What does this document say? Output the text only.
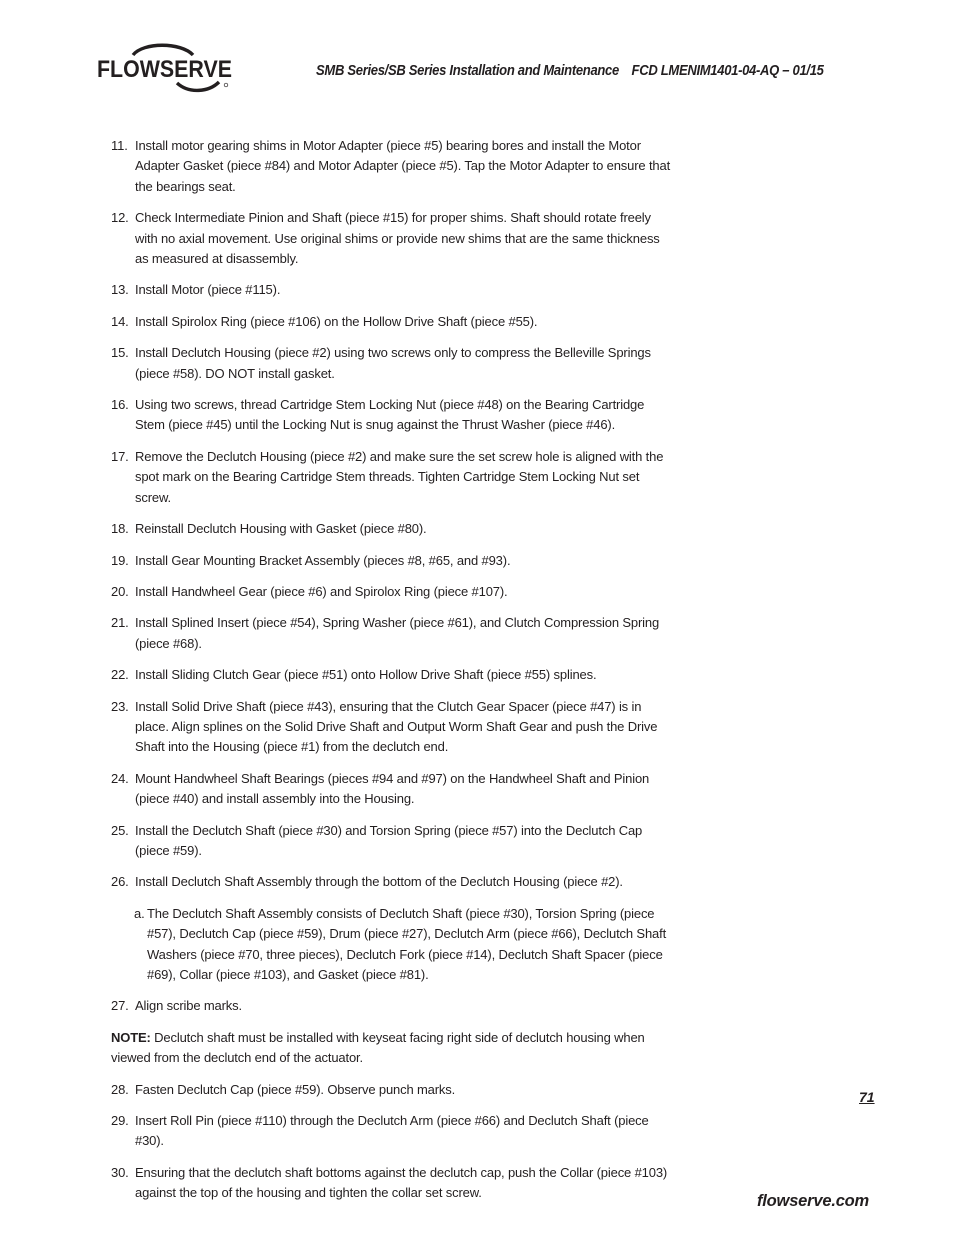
FLOWSERVE	SMB Series/SB Series Installation and Maintenance FCD LMENIM1401-04-AQ – 01/15
11. Install motor gearing shims in Motor Adapter (piece #5) bearing bores and install the Motor Adapter Gasket (piece #84) and Motor Adapter (piece #5). Tap the Motor Adapter to ensure that the bearings seat.
12. Check Intermediate Pinion and Shaft (piece #15) for proper shims. Shaft should rotate freely with no axial movement. Use original shims or provide new shims that are the same thickness as measured at disassembly.
13. Install Motor (piece #115).
14. Install Spirolox Ring (piece #106) on the Hollow Drive Shaft (piece #55).
15. Install Declutch Housing (piece #2) using two screws only to compress the Belleville Springs (piece #58). DO NOT install gasket.
16. Using two screws, thread Cartridge Stem Locking Nut (piece #48) on the Bearing Cartridge Stem (piece #45) until the Locking Nut is snug against the Thrust Washer (piece #46).
17. Remove the Declutch Housing (piece #2) and make sure the set screw hole is aligned with the spot mark on the Bearing Cartridge Stem threads. Tighten Cartridge Stem Locking Nut set screw.
18. Reinstall Declutch Housing with Gasket (piece #80).
19. Install Gear Mounting Bracket Assembly (pieces #8, #65, and #93).
20. Install Handwheel Gear (piece #6) and Spirolox Ring (piece #107).
21. Install Splined Insert (piece #54), Spring Washer (piece #61), and Clutch Compression Spring (piece #68).
22. Install Sliding Clutch Gear (piece #51) onto Hollow Drive Shaft (piece #55) splines.
23. Install Solid Drive Shaft (piece #43), ensuring that the Clutch Gear Spacer (piece #47) is in place. Align splines on the Solid Drive Shaft and Output Worm Shaft Gear and push the Drive Shaft into the Housing (piece #1) from the declutch end.
24. Mount Handwheel Shaft Bearings (pieces #94 and #97) on the Handwheel Shaft and Pinion (piece #40) and install assembly into the Housing.
25. Install the Declutch Shaft (piece #30) and Torsion Spring (piece #57) into the Declutch Cap (piece #59).
26. Install Declutch Shaft Assembly through the bottom of the Declutch Housing (piece #2).
a. The Declutch Shaft Assembly consists of Declutch Shaft (piece #30), Torsion Spring (piece #57), Declutch Cap (piece #59), Drum (piece #27), Declutch Arm (piece #66), Declutch Shaft Washers (piece #70, three pieces), Declutch Fork (piece #14), Declutch Shaft Spacer (piece #69), Collar (piece #103), and Gasket (piece #81).
27. Align scribe marks.
NOTE: Declutch shaft must be installed with keyseat facing right side of declutch housing when viewed from the declutch end of the actuator.
28. Fasten Declutch Cap (piece #59). Observe punch marks.
29. Insert Roll Pin (piece #110) through the Declutch Arm (piece #66) and Declutch Shaft (piece #30).
30. Ensuring that the declutch shaft bottoms against the declutch cap, push the Collar (piece #103) against the top of the housing and tighten the collar set screw.
71
flowserve.com
